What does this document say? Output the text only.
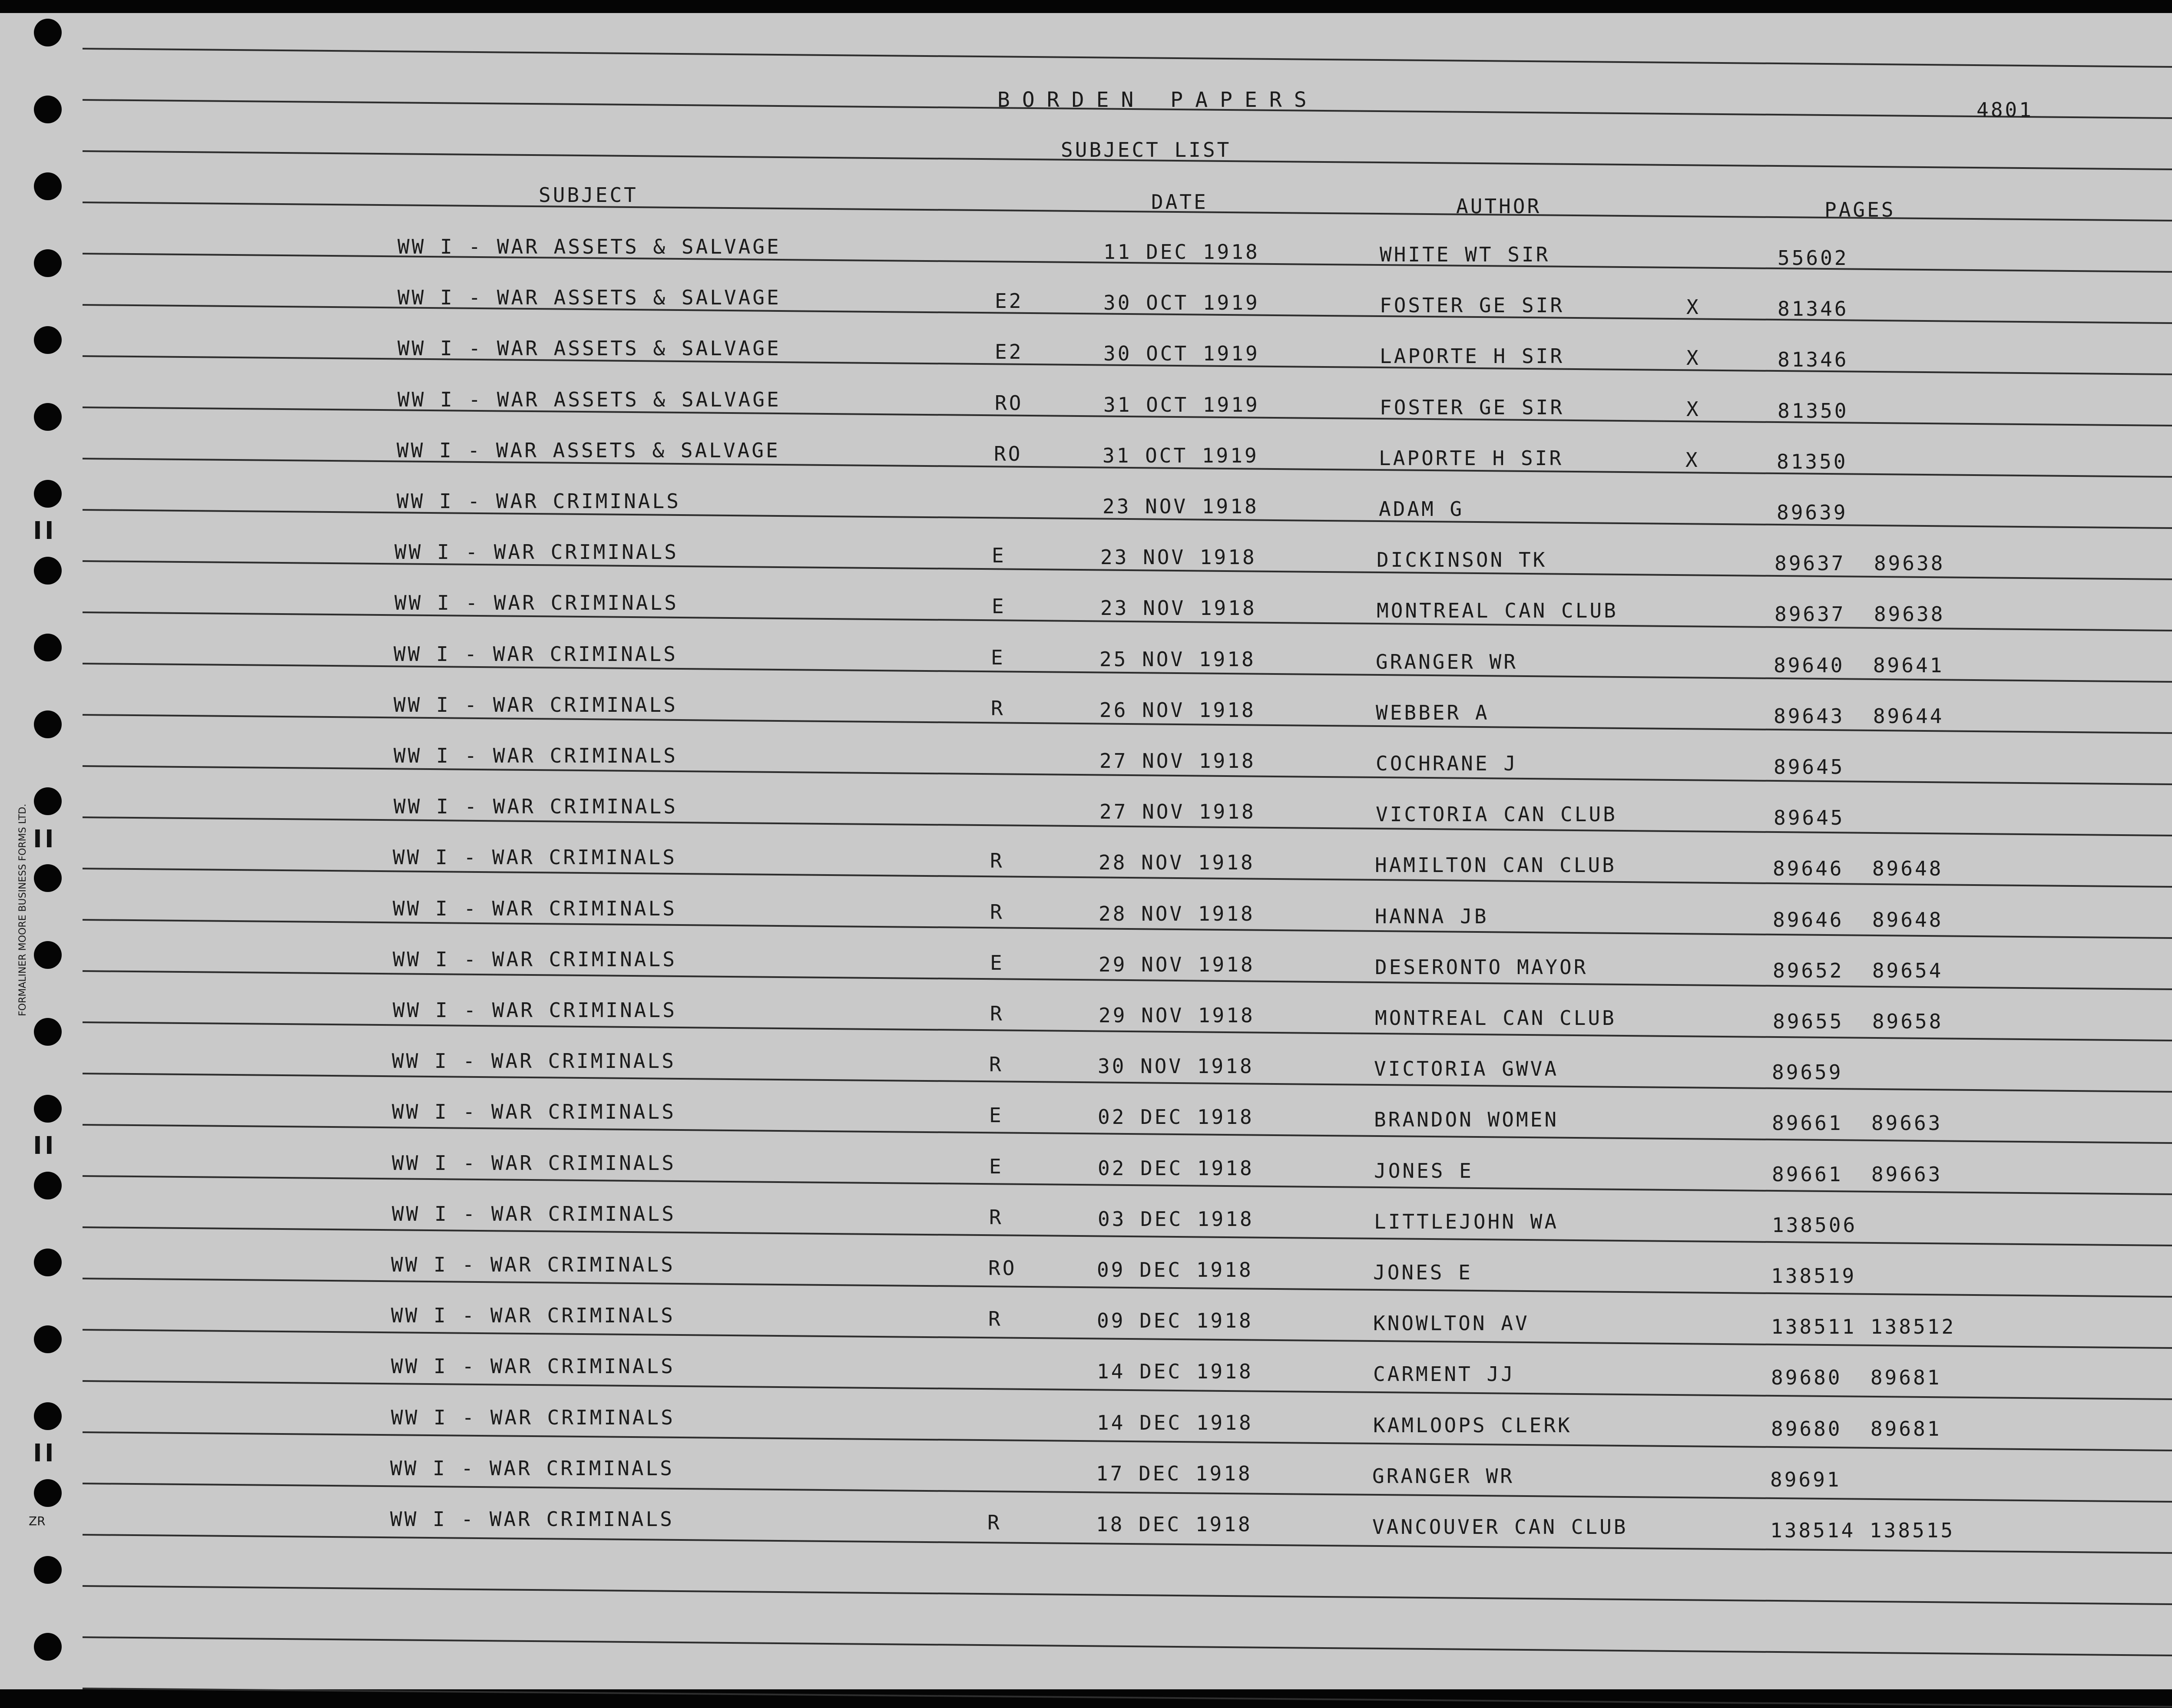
FORMALINER MOORE BUSINESS FORMS LTD.
ZR
II
II
II
II
BORDEN PAPERS	4801
SUBJECT LIST
SUBJECT	DATE	AUTHOR	PAGES
WW I - WAR ASSETS & SALVAGE	11 DEC 1918	WHITE WT SIR	55602
WW I - WAR ASSETS & SALVAGE	E2	30 OCT 1919	FOSTER GE SIR	X	81346
WW I - WAR ASSETS & SALVAGE	E2	30 OCT 1919	LAPORTE H SIR	X	81346
WW I - WAR ASSETS & SALVAGE	RO	31 OCT 1919	FOSTER GE SIR	X	81350
WW I - WAR ASSETS & SALVAGE	RO	31 OCT 1919	LAPORTE H SIR	X	81350
WW I - WAR CRIMINALS	23 NOV 1918	ADAM G	89639
WW I - WAR CRIMINALS	E	23 NOV 1918	DICKINSON TK	89637  89638
WW I - WAR CRIMINALS	E	23 NOV 1918	MONTREAL CAN CLUB	89637  89638
WW I - WAR CRIMINALS	E	25 NOV 1918	GRANGER WR	89640  89641
WW I - WAR CRIMINALS	R	26 NOV 1918	WEBBER A	89643  89644
WW I - WAR CRIMINALS	27 NOV 1918	COCHRANE J	89645
WW I - WAR CRIMINALS	27 NOV 1918	VICTORIA CAN CLUB	89645
WW I - WAR CRIMINALS	R	28 NOV 1918	HAMILTON CAN CLUB	89646  89648
WW I - WAR CRIMINALS	R	28 NOV 1918	HANNA JB	89646  89648
WW I - WAR CRIMINALS	E	29 NOV 1918	DESERONTO MAYOR	89652  89654
WW I - WAR CRIMINALS	R	29 NOV 1918	MONTREAL CAN CLUB	89655  89658
WW I - WAR CRIMINALS	R	30 NOV 1918	VICTORIA GWVA	89659
WW I - WAR CRIMINALS	E	02 DEC 1918	BRANDON WOMEN	89661  89663
WW I - WAR CRIMINALS	E	02 DEC 1918	JONES E	89661  89663
WW I - WAR CRIMINALS	R	03 DEC 1918	LITTLEJOHN WA	138506
WW I - WAR CRIMINALS	RO	09 DEC 1918	JONES E	138519
WW I - WAR CRIMINALS	R	09 DEC 1918	KNOWLTON AV	138511 138512
WW I - WAR CRIMINALS	14 DEC 1918	CARMENT JJ	89680  89681
WW I - WAR CRIMINALS	14 DEC 1918	KAMLOOPS CLERK	89680  89681
WW I - WAR CRIMINALS	17 DEC 1918	GRANGER WR	89691
WW I - WAR CRIMINALS	R	18 DEC 1918	VANCOUVER CAN CLUB	138514 138515
